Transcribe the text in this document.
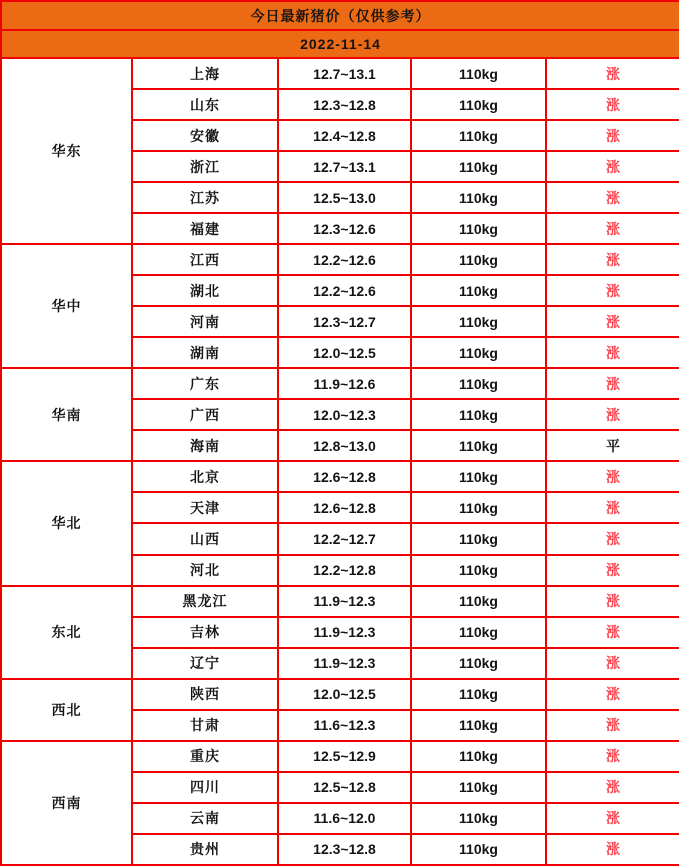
今日最新猪价（仅供参考）				
2022-11-14				
华东	上海	12.7~13.1	110kg	涨
	山东	12.3~12.8	110kg	涨
	安徽	12.4~12.8	110kg	涨
	浙江	12.7~13.1	110kg	涨
	江苏	12.5~13.0	110kg	涨
	福建	12.3~12.6	110kg	涨
华中	江西	12.2~12.6	110kg	涨
	湖北	12.2~12.6	110kg	涨
	河南	12.3~12.7	110kg	涨
	湖南	12.0~12.5	110kg	涨
华南	广东	11.9~12.6	110kg	涨
	广西	12.0~12.3	110kg	涨
	海南	12.8~13.0	110kg	平
华北	北京	12.6~12.8	110kg	涨
	天津	12.6~12.8	110kg	涨
	山西	12.2~12.7	110kg	涨
	河北	12.2~12.8	110kg	涨
东北	黑龙江	11.9~12.3	110kg	涨
	吉林	11.9~12.3	110kg	涨
	辽宁	11.9~12.3	110kg	涨
西北	陕西	12.0~12.5	110kg	涨
	甘肃	11.6~12.3	110kg	涨
西南	重庆	12.5~12.9	110kg	涨
	四川	12.5~12.8	110kg	涨
	云南	11.6~12.0	110kg	涨
	贵州	12.3~12.8	110kg	涨
